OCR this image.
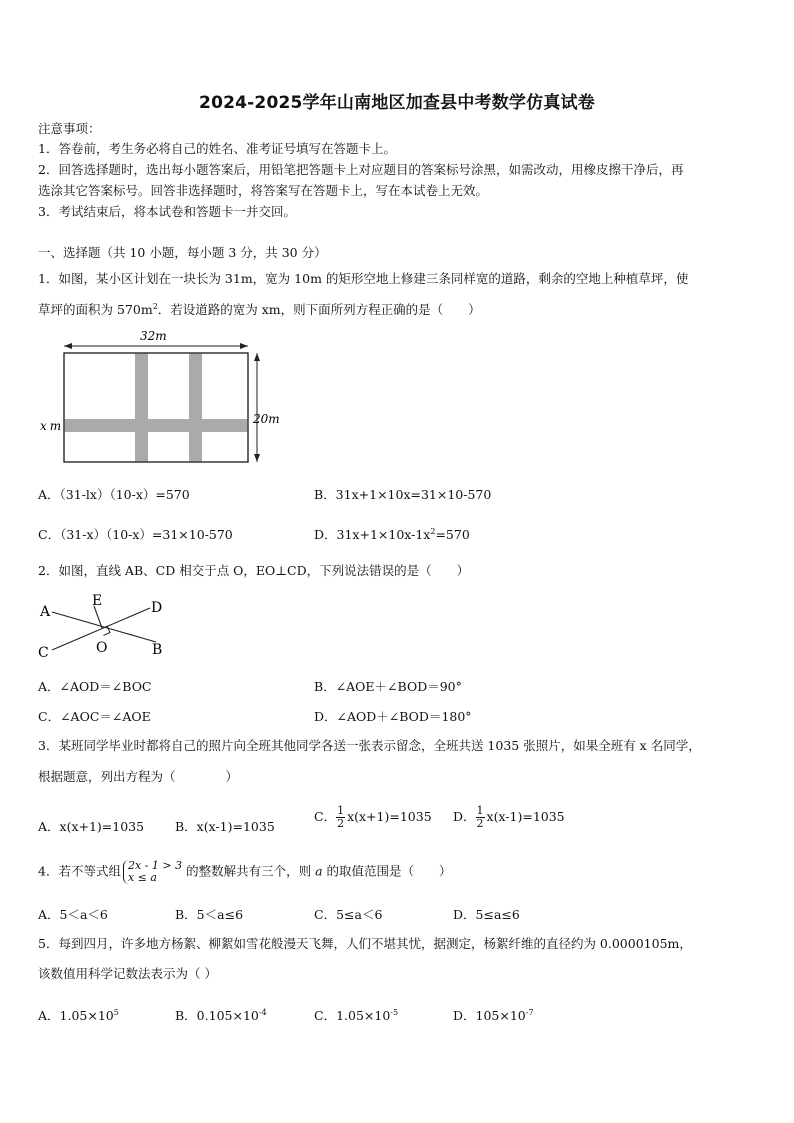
2024-2025学年山南地区加查县中考数学仿真试卷
注意事项：
1．答卷前，考生务必将自己的姓名、准考证号填写在答题卡上。
2．回答选择题时，选出每小题答案后，用铅笔把答题卡上对应题目的答案标号涂黑，如需改动，用橡皮擦干净后，再
选涂其它答案标号。回答非选择题时，将答案写在答题卡上，写在本试卷上无效。
3．考试结束后，将本试卷和答题卡一并交回。
一、选择题（共 10 小题，每小题 3 分，共 30 分）
1．如图，某小区计划在一块长为 31m，宽为 10m 的矩形空地上修建三条同样宽的道路，剩余的空地上种植草坪，使
草坪的面积为 $570m^2$．若设道路的宽为 xm，则下面所列方程正确的是（　　）
32m
20m
x m
A．（31-lx）（10-x）=570	B．31x+1×10x=31×10-570
C．（31-x）（10-x）=31×10-570	D．$31x+1\times 10x-1x^2=570$
2．如图，直线 AB、CD 相交于点 O，EO⊥CD，下列说法错误的是（　　）
A
B
C
D
E
O
A．∠AOD＝∠BOC	B．∠AOE＋∠BOD＝90°
C．∠AOC＝∠AOE	D．∠AOD＋∠BOD＝180°
3．某班同学毕业时都将自己的照片向全班其他同学各送一张表示留念，全班共送 1035 张照片，如果全班有 x 名同学，
根据题意，列出方程为（　　　　）
A．x(x+1)=1035 B．x(x-1)=1035
C． $\frac{1}{2} x(x+1)=1035$ D． $\frac{1}{2} x(x-1)=1035$
4．若不等式组 2x - 1 > 3
x ≤ a	的整数解共有三个，则 a 的取值范围是（　　）
A．5＜a＜6	B．5＜a≤6	C．5≤a＜6	D．5≤a≤6
5．每到四月，许多地方杨絮、柳絮如雪花般漫天飞舞，人们不堪其忧，据测定，杨絮纤维的直径约为 0.0000105m，
该数值用科学记数法表示为（ ）
A．$1.05\times 10^5$	B．$0.105\times 10^{-4}$	C．$1.05\times 10^{-5}$	D．$105\times 10^{-7}$
